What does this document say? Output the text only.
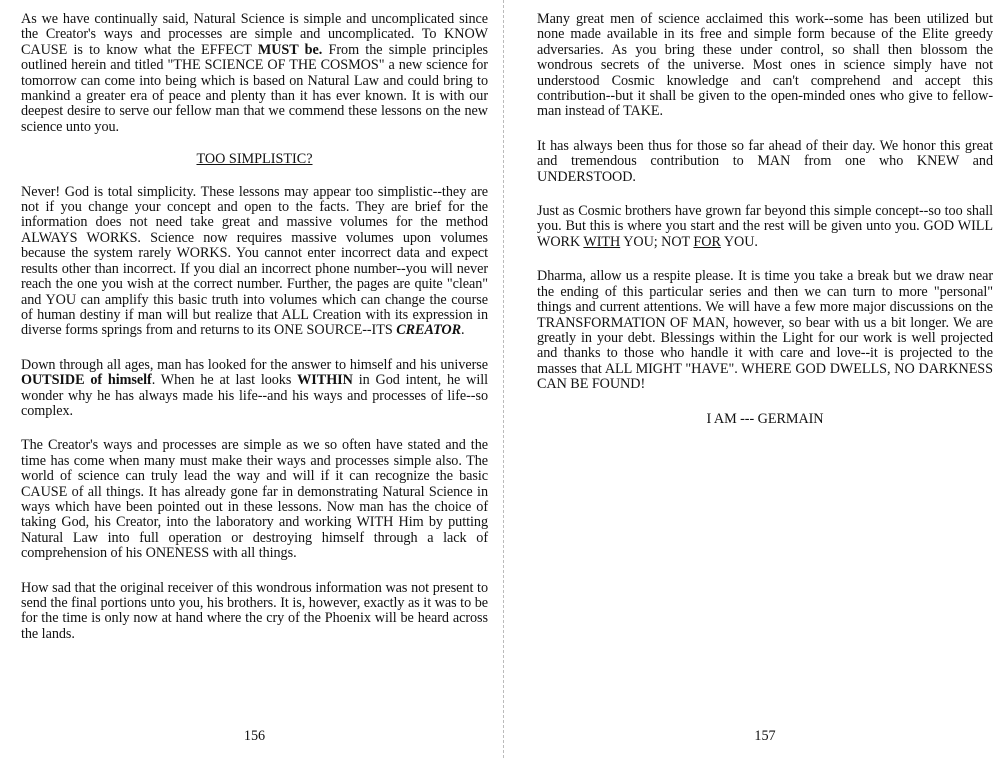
As we have continually said, Natural Science is simple and uncomplicated since the Creator's ways and processes are simple and uncomplicated. To KNOW CAUSE is to know what the EFFECT MUST be. From the simple principles outlined herein and titled "THE SCIENCE OF THE COSMOS" a new science for tomorrow can come into being which is based on Natural Law and could bring to mankind a greater era of peace and plenty than it has ever known. It is with our deepest desire to serve our fellow man that we commend these lessons on the new science unto you.

TOO SIMPLISTIC?

Never! God is total simplicity. These lessons may appear too simplistic--they are not if you change your concept and open to the facts. They are brief for the information does not need take great and massive volumes for the method ALWAYS WORKS. Science now requires massive volumes upon volumes because the system rarely WORKS. You cannot enter incorrect data and expect results other than incorrect. If you dial an incorrect phone number--you will never reach the one you wish at the correct number. Further, the pages are quite "clean" and YOU can amplify this basic truth into volumes which can change the course of human destiny if man will but realize that ALL Creation with its expression in diverse forms springs from and returns to its ONE SOURCE--ITS CREATOR.

Down through all ages, man has looked for the answer to himself and his universe OUTSIDE of himself. When he at last looks WITHIN in God intent, he will wonder why he has always made his life--and his ways and processes of life--so complex.

The Creator's ways and processes are simple as we so often have stated and the time has come when many must make their ways and processes simple also. The world of science can truly lead the way and will if it can recognize the basic CAUSE of all things. It has already gone far in demonstrating Natural Science in ways which have been pointed out in these lessons. Now man has the choice of taking God, his Creator, into the laboratory and working WITH Him by putting Natural Law into full operation or destroying himself through a lack of comprehension of his ONENESS with all things.

How sad that the original receiver of this wondrous information was not present to send the final portions unto you, his brothers. It is, however, exactly as it was to be for the time is only now at hand where the cry of the Phoenix will be heard across the lands.

156

Many great men of science acclaimed this work--some has been utilized but none made available in its free and simple form because of the Elite greedy adversaries. As you bring these under control, so shall then blossom the wondrous secrets of the universe. Most ones in science simply have not understood Cosmic knowledge and can't comprehend and accept this contribution--but it shall be given to the open-minded ones who give to fellow-man instead of TAKE.

It has always been thus for those so far ahead of their day. We honor this great and tremendous contribution to MAN from one who KNEW and UNDERSTOOD.

Just as Cosmic brothers have grown far beyond this simple concept--so too shall you. But this is where you start and the rest will be given unto you. GOD WILL WORK WITH YOU; NOT FOR YOU.

Dharma, allow us a respite please. It is time you take a break but we draw near the ending of this particular series and then we can turn to more "personal" things and current attentions. We will have a few more major discussions on the TRANSFORMATION OF MAN, however, so bear with us a bit longer. We are greatly in your debt. Blessings within the Light for our work is well projected and thanks to those who handle it with care and love--it is projected to the masses that ALL MIGHT "HAVE". WHERE GOD DWELLS, NO DARKNESS CAN BE FOUND!

I AM --- GERMAIN

157
